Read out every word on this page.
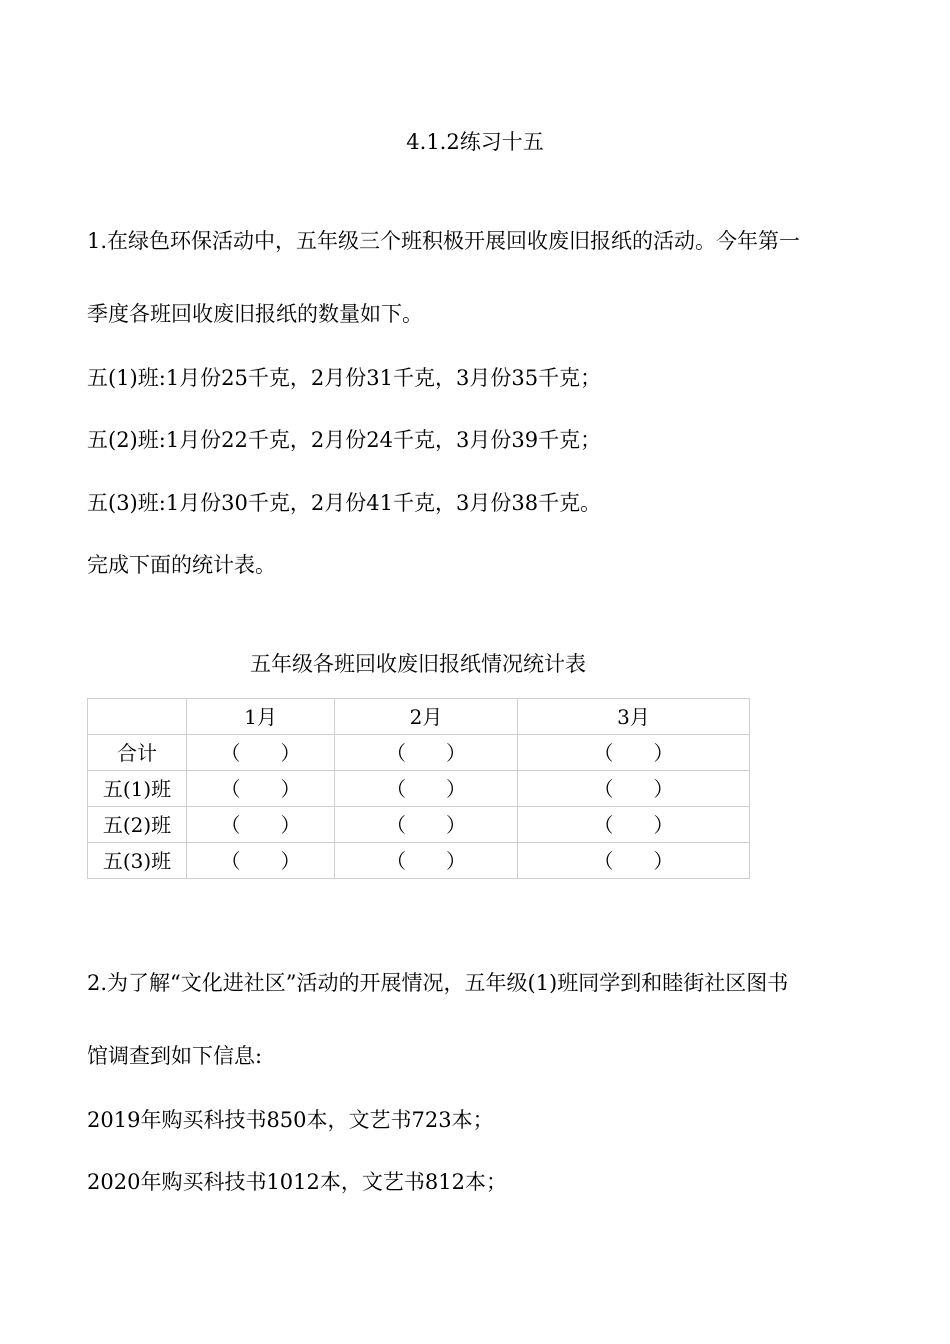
4.1.2练习十五
1.在绿色环保活动中，五年级三个班积极开展回收废旧报纸的活动。今年第一
季度各班回收废旧报纸的数量如下。
五(1)班:1月份25千克，2月份31千克，3月份35千克；
五(2)班:1月份22千克，2月份24千克，3月份39千克；
五(3)班:1月份30千克，2月份41千克，3月份38千克。
完成下面的统计表。
五年级各班回收废旧报纸情况统计表
	1月	2月	3月
合计	（　　）	（　　）	（　　）
五(1)班	（　　）	（　　）	（　　）
五(2)班	（　　）	（　　）	（　　）
五(3)班	（　　）	（　　）	（　　）
2.为了解“文化进社区”活动的开展情况，五年级(1)班同学到和睦街社区图书
馆调查到如下信息:
2019年购买科技书850本，文艺书723本；
2020年购买科技书1012本，文艺书812本；
